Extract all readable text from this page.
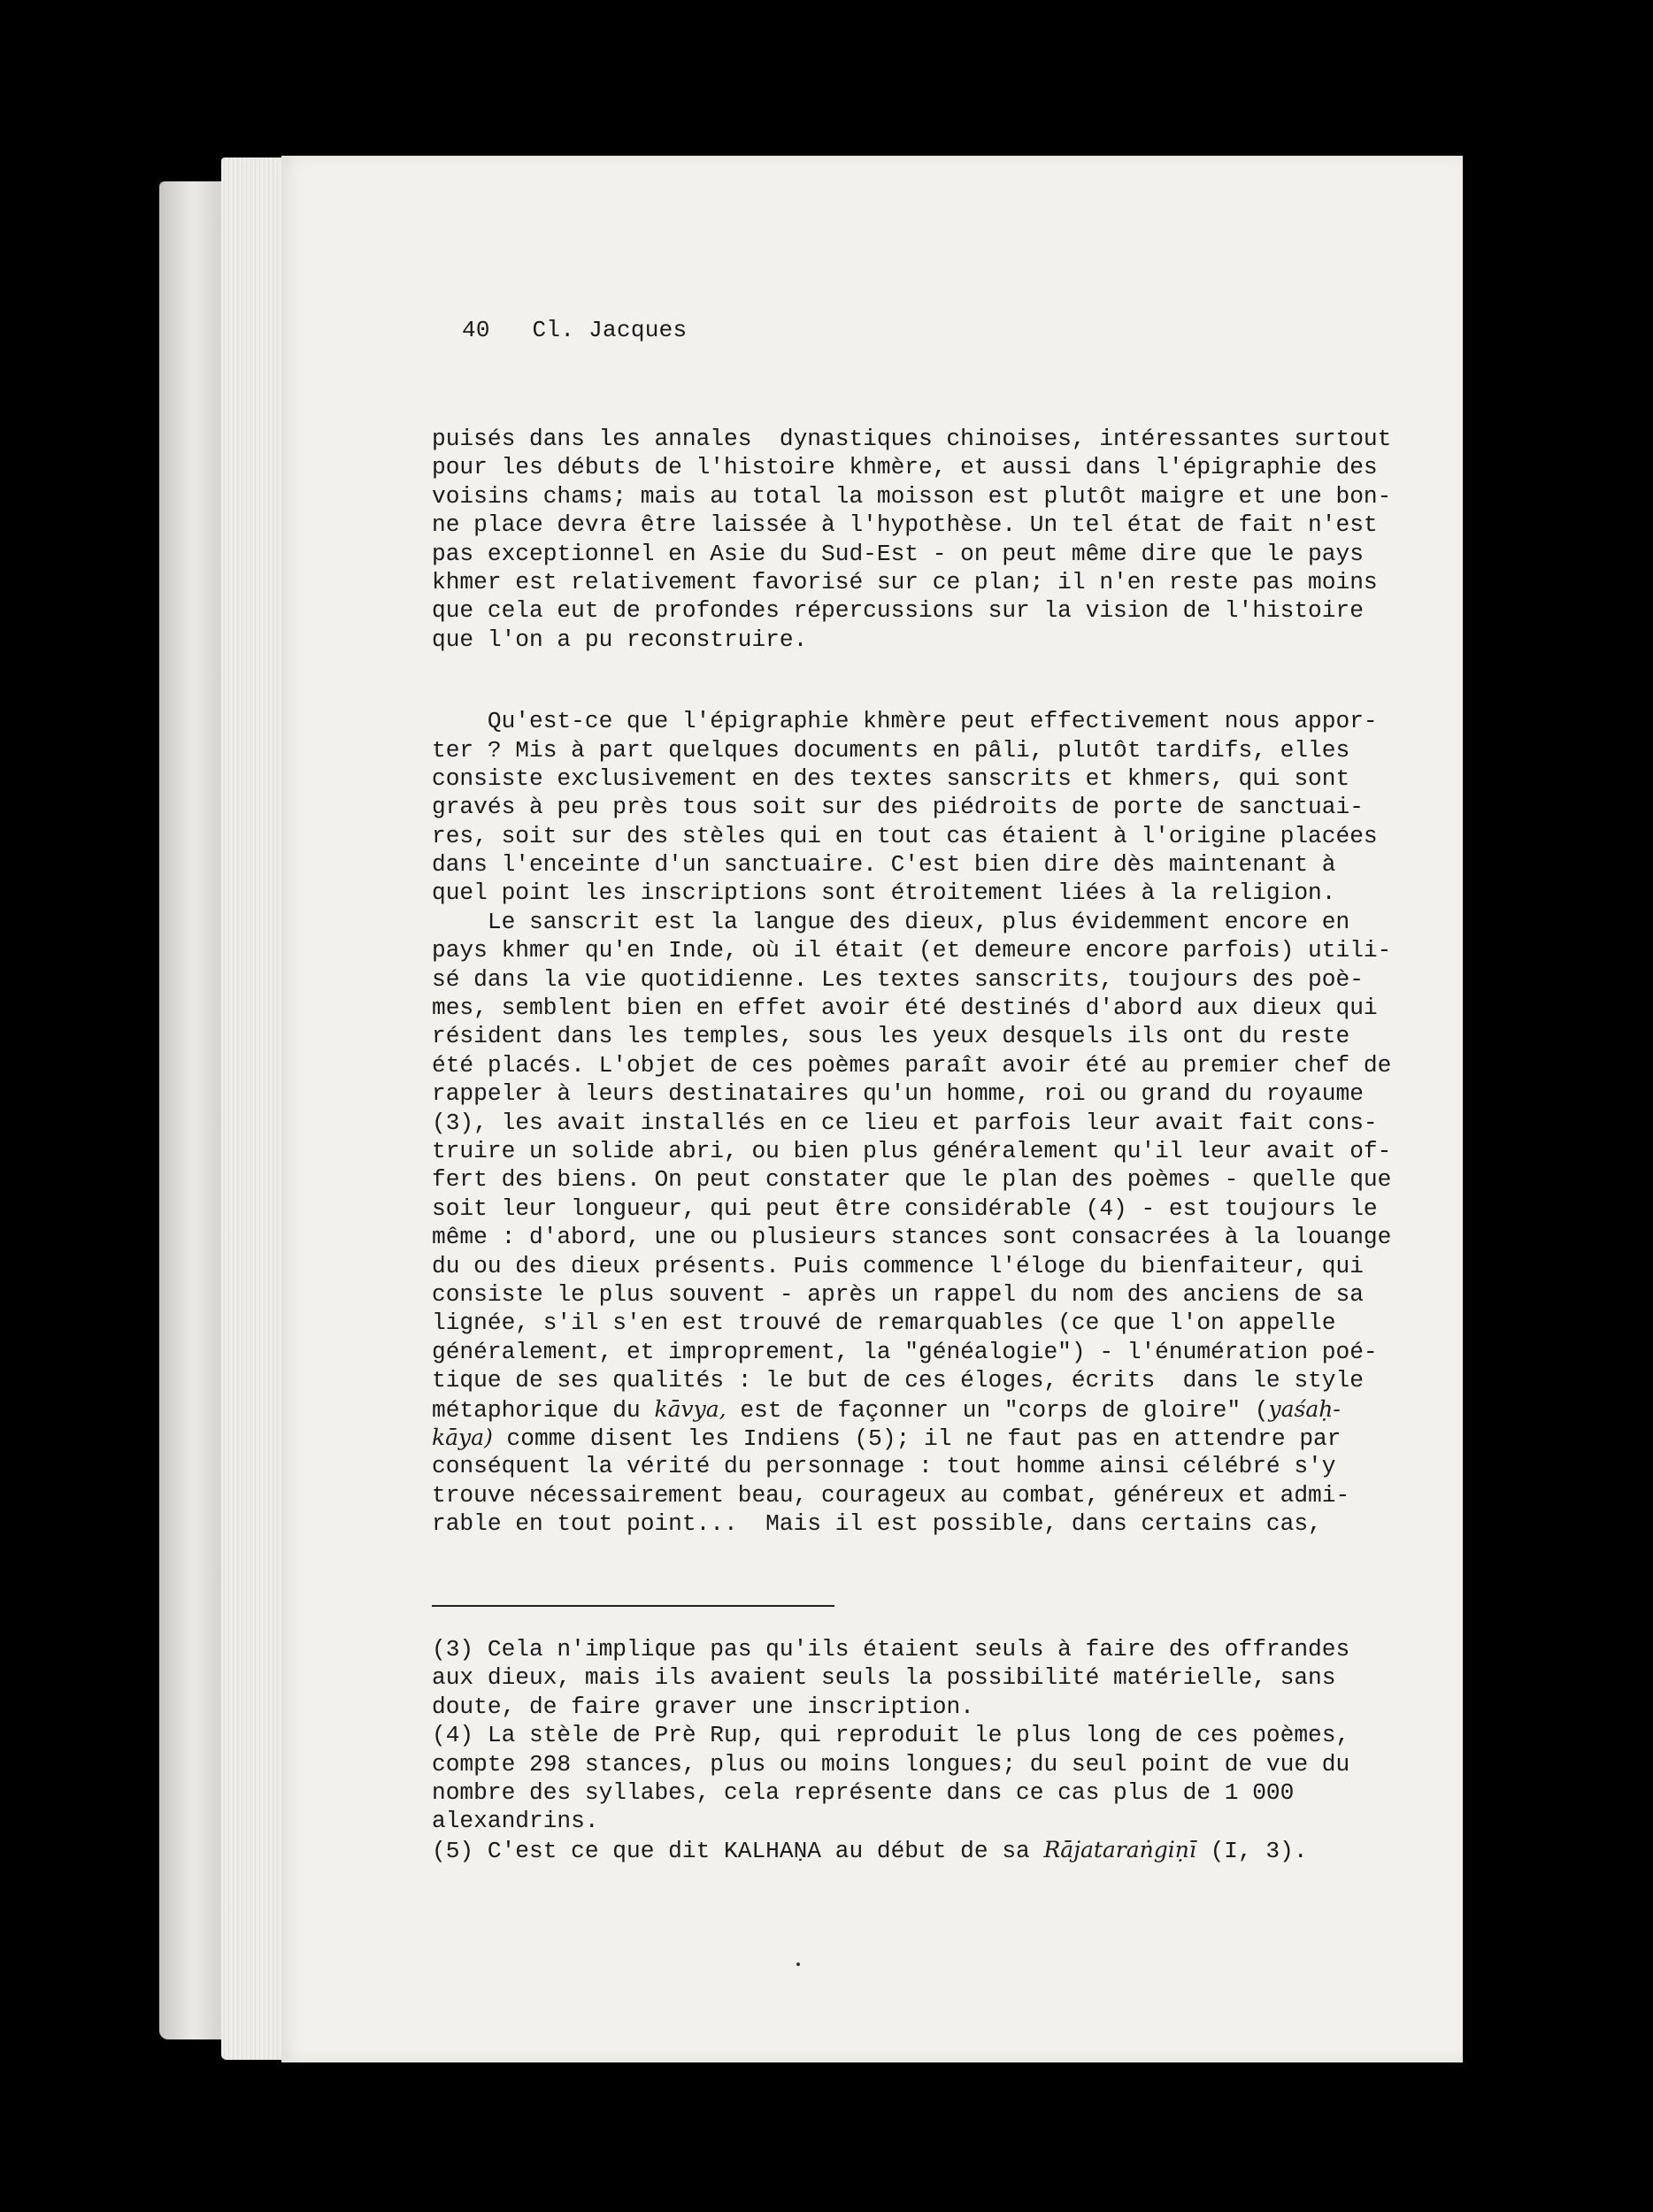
40 Cl. Jacques
puisés dans les annales  dynastiques chinoises, intéressantes surtout
pour les débuts de l'histoire khmère, et aussi dans l'épigraphie des
voisins chams; mais au total la moisson est plutôt maigre et une bon-
ne place devra être laissée à l'hypothèse. Un tel état de fait n'est
pas exceptionnel en Asie du Sud-Est - on peut même dire que le pays
khmer est relativement favorisé sur ce plan; il n'en reste pas moins
que cela eut de profondes répercussions sur la vision de l'histoire
que l'on a pu reconstruire.
Qu'est-ce que l'épigraphie khmère peut effectivement nous appor-
ter ? Mis à part quelques documents en pâli, plutôt tardifs, elles
consiste exclusivement en des textes sanscrits et khmers, qui sont
gravés à peu près tous soit sur des piédroits de porte de sanctuai-
res, soit sur des stèles qui en tout cas étaient à l'origine placées
dans l'enceinte d'un sanctuaire. C'est bien dire dès maintenant à
quel point les inscriptions sont étroitement liées à la religion.
Le sanscrit est la langue des dieux, plus évidemment encore en
pays khmer qu'en Inde, où il était (et demeure encore parfois) utili-
sé dans la vie quotidienne. Les textes sanscrits, toujours des poè-
mes, semblent bien en effet avoir été destinés d'abord aux dieux qui
résident dans les temples, sous les yeux desquels ils ont du reste
été placés. L'objet de ces poèmes paraît avoir été au premier chef de
rappeler à leurs destinataires qu'un homme, roi ou grand du royaume
(3), les avait installés en ce lieu et parfois leur avait fait cons-
truire un solide abri, ou bien plus généralement qu'il leur avait of-
fert des biens. On peut constater que le plan des poèmes - quelle que
soit leur longueur, qui peut être considérable (4) - est toujours le
même : d'abord, une ou plusieurs stances sont consacrées à la louange
du ou des dieux présents. Puis commence l'éloge du bienfaiteur, qui
consiste le plus souvent - après un rappel du nom des anciens de sa
lignée, s'il s'en est trouvé de remarquables (ce que l'on appelle
généralement, et improprement, la "généalogie") - l'énumération poé-
tique de ses qualités : le but de ces éloges, écrits  dans le style
métaphorique du kāvya, est de façonner un "corps de gloire" (yaśaḥ-
kāya) comme disent les Indiens (5); il ne faut pas en attendre par
conséquent la vérité du personnage : tout homme ainsi célébré s'y
trouve nécessairement beau, courageux au combat, généreux et admi-
rable en tout point...  Mais il est possible, dans certains cas,
(3) Cela n'implique pas qu'ils étaient seuls à faire des offrandes
aux dieux, mais ils avaient seuls la possibilité matérielle, sans
doute, de faire graver une inscription.
(4) La stèle de Prè Rup, qui reproduit le plus long de ces poèmes,
compte 298 stances, plus ou moins longues; du seul point de vue du
nombre des syllabes, cela représente dans ce cas plus de 1 000
alexandrins.
(5) C'est ce que dit KALHAṆA au début de sa Rājataraṅgiṇī (I, 3).
